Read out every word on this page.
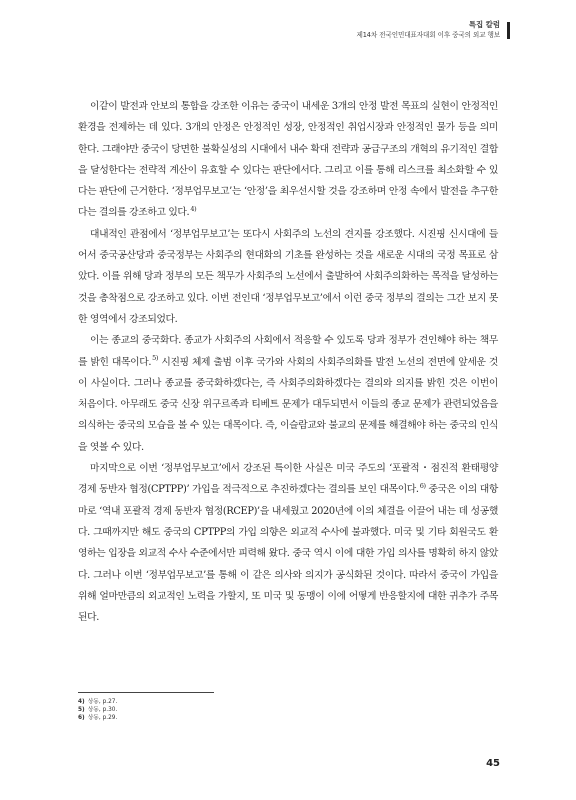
특집 칼럼
제14차 전국인민대표자대회 이후 중국의 외교 행보

이같이 발전과 안보의 통합을 강조한 이유는 중국이 내세운 3개의 안정 발전 목표의 실현이 안정적인 환경을 전제하는 데 있다. 3개의 안정은 안정적인 성장, 안정적인 취업시장과 안정적인 물가 등을 의미한다. 그래야만 중국이 당면한 불확실성의 시대에서 내수 확대 전략과 공급구조의 개혁의 유기적인 결합을 달성한다는 전략적 계산이 유효할 수 있다는 판단에서다. 그리고 이를 통해 리스크를 최소화할 수 있다는 판단에 근거한다. ‘정부업무보고’는 ‘안정’을 최우선시할 것을 강조하며 안정 속에서 발전을 추구한다는 결의를 강조하고 있다.$^{4)}$

대내적인 관점에서 ‘정부업무보고’는 또다시 사회주의 노선의 견지를 강조했다. 시진핑 신시대에 들어서 중국공산당과 중국정부는 사회주의 현대화의 기초를 완성하는 것을 새로운 시대의 국정 목표로 삼았다. 이를 위해 당과 정부의 모든 책무가 사회주의 노선에서 출발하여 사회주의화하는 목적을 달성하는 것을 총착점으로 강조하고 있다. 이번 전인대 ‘정부업무보고’에서 이런 중국 정부의 결의는 그간 보지 못한 영역에서 강조되었다.

이는 종교의 중국화다. 종교가 사회주의 사회에서 적응할 수 있도록 당과 정부가 견인해야 하는 책무를 밝힌 대목이다.$^{5)}$ 시진핑 체제 출범 이후 국가와 사회의 사회주의화를 발전 노선의 전면에 앞세운 것이 사실이다. 그러나 종교를 중국화하겠다는, 즉 사회주의화하겠다는 결의와 의지를 밝힌 것은 이번이 처음이다. 아무래도 중국 신장 위구르족과 티베트 문제가 대두되면서 이들의 종교 문제가 관련되었음을 의식하는 중국의 모습을 볼 수 있는 대목이다. 즉, 이슬람교와 불교의 문제를 해결해야 하는 중국의 인식을 엿볼 수 있다.

마지막으로 이번 ‘정부업무보고’에서 강조된 특이한 사실은 미국 주도의 ‘포괄적・점진적 환태평양 경제 동반자 협정(CPTPP)’ 가입을 적극적으로 추진하겠다는 결의를 보인 대목이다.$^{6)}$ 중국은 이의 대항마로 ‘역내 포괄적 경제 동반자 협정(RCEP)’을 내세웠고 2020년에 이의 체결을 이끌어 내는 데 성공했다. 그때까지만 해도 중국의 CPTPP의 가입 의향은 외교적 수사에 불과했다. 미국 및 기타 회원국도 환영하는 입장을 외교적 수사 수준에서만 피력해 왔다. 중국 역시 이에 대한 가입 의사를 명확히 하지 않았다. 그러나 이번 ‘정부업무보고’를 통해 이 같은 의사와 의지가 공식화된 것이다. 따라서 중국이 가입을 위해 얼마만큼의 외교적인 노력을 가할지, 또 미국 및 동맹이 이에 어떻게 반응할지에 대한 귀추가 주목된다.

4) 상동, p.27.
5) 상동, p.30.
6) 상동, p.29.
45
